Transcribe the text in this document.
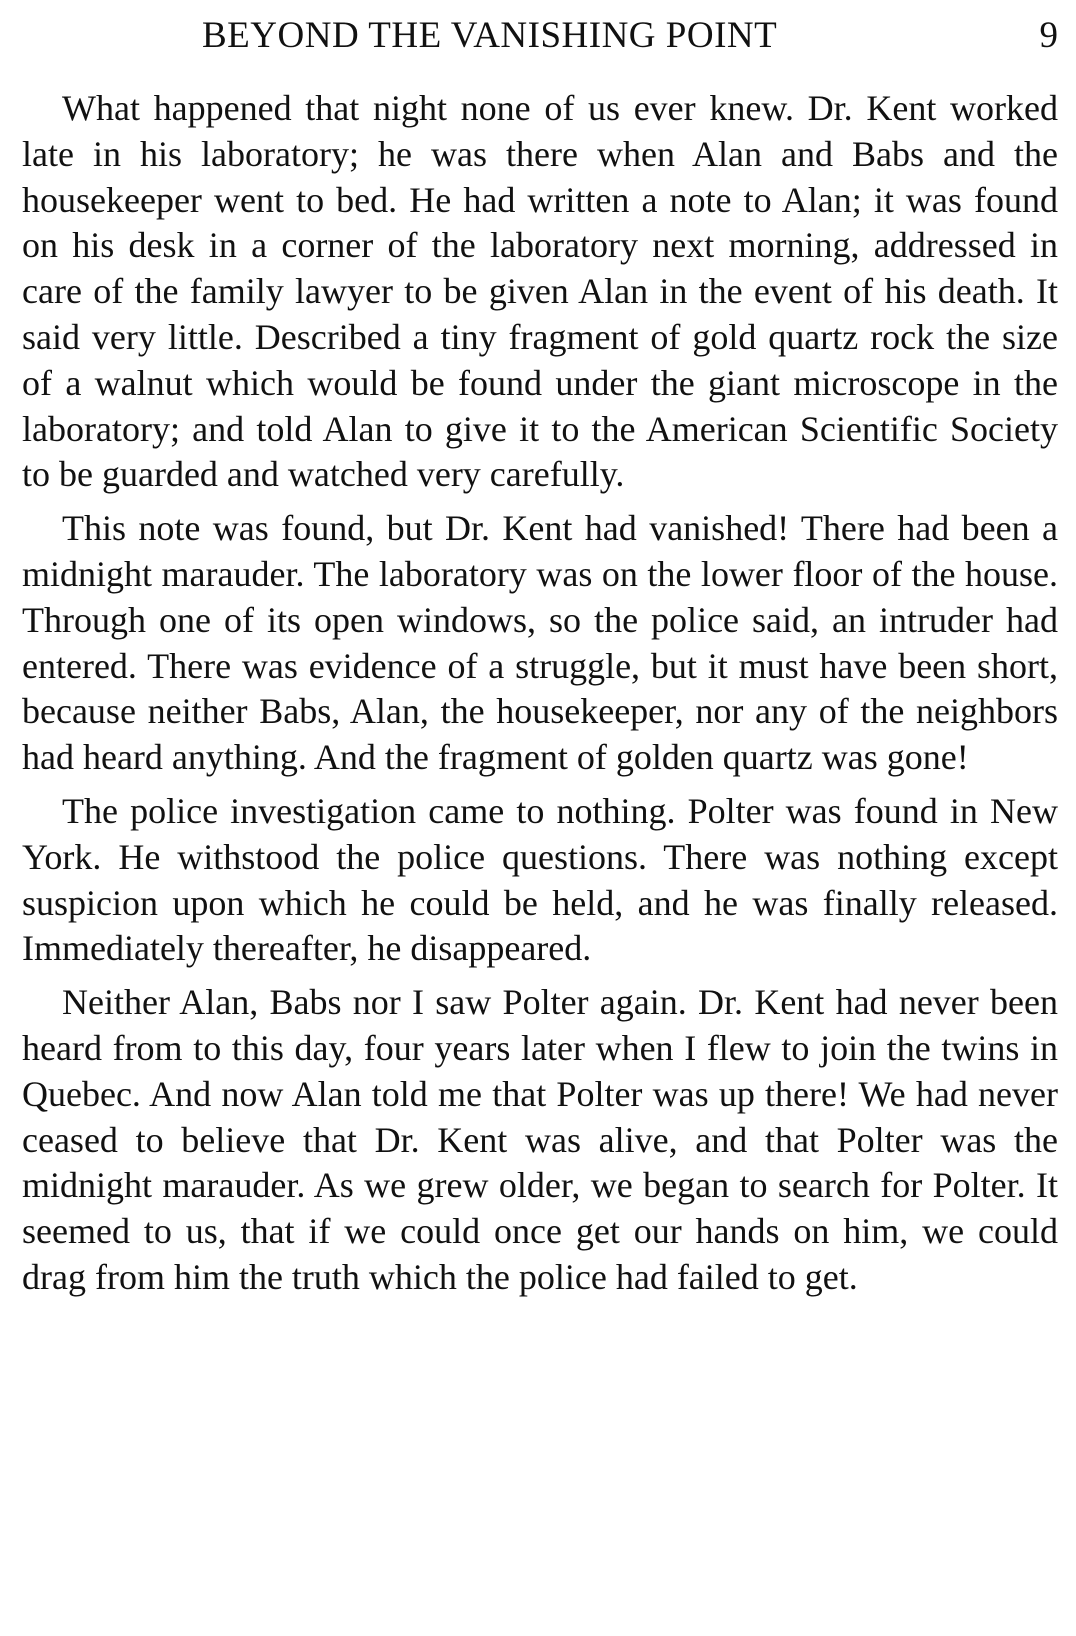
BEYOND THE VANISHING POINT	9

What happened that night none of us ever knew. Dr. Kent worked late in his laboratory; he was there when Alan and Babs and the housekeeper went to bed. He had written a note to Alan; it was found on his desk in a corner of the laboratory next morning, addressed in care of the family lawyer to be given Alan in the event of his death. It said very little. Described a tiny fragment of gold quartz rock the size of a walnut which would be found under the giant microscope in the laboratory; and told Alan to give it to the American Scientific Society to be guarded and watched very carefully.

This note was found, but Dr. Kent had vanished! There had been a midnight marauder. The laboratory was on the lower floor of the house. Through one of its open windows, so the police said, an intruder had entered. There was evidence of a struggle, but it must have been short, because neither Babs, Alan, the housekeeper, nor any of the neighbors had heard anything. And the fragment of golden quartz was gone!

The police investigation came to nothing. Polter was found in New York. He withstood the police questions. There was nothing except suspicion upon which he could be held, and he was finally released. Immediately thereafter, he disappeared.

Neither Alan, Babs nor I saw Polter again. Dr. Kent had never been heard from to this day, four years later when I flew to join the twins in Quebec. And now Alan told me that Polter was up there! We had never ceased to believe that Dr. Kent was alive, and that Polter was the midnight marauder. As we grew older, we began to search for Polter. It seemed to us, that if we could once get our hands on him, we could drag from him the truth which the police had failed to get.
